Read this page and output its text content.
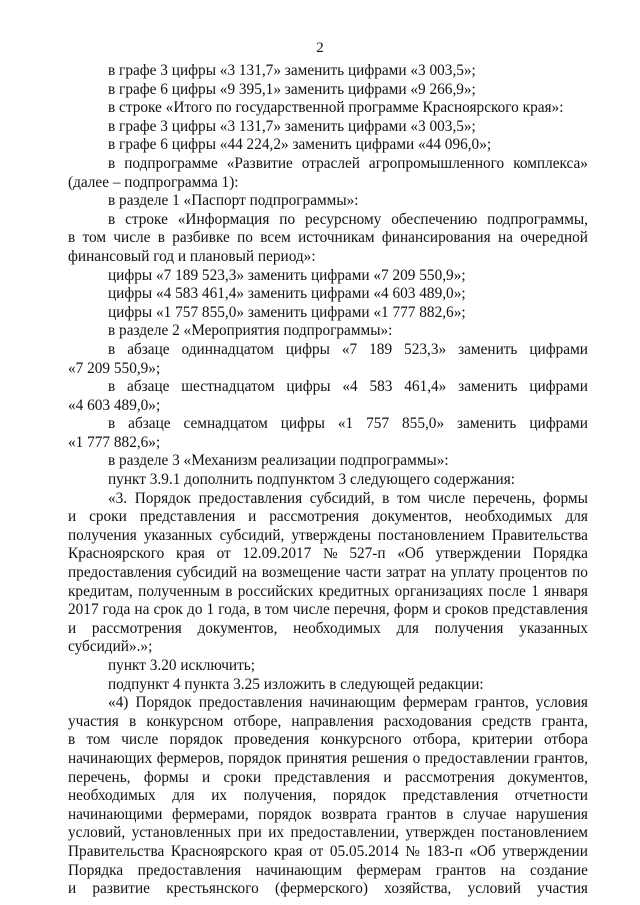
2
в графе 3 цифры «3 131,7» заменить цифрами «3 003,5»;
в графе 6 цифры «9 395,1» заменить цифрами «9 266,9»;
в строке «Итого по государственной программе Красноярского края»:
в графе 3 цифры «3 131,7» заменить цифрами «3 003,5»;
в графе 6 цифры «44 224,2» заменить цифрами «44 096,0»;
в подпрограмме «Развитие отраслей агропромышленного комплекса»
(далее – подпрограмма 1):
в разделе 1 «Паспорт подпрограммы»:
в строке «Информация по ресурсному обеспечению подпрограммы,
в том числе в разбивке по всем источникам финансирования на очередной
финансовый год и плановый период»:
цифры «7 189 523,3» заменить цифрами «7 209 550,9»;
цифры «4 583 461,4» заменить цифрами «4 603 489,0»;
цифры «1 757 855,0» заменить цифрами «1 777 882,6»;
в разделе 2 «Мероприятия подпрограммы»:
в абзаце одиннадцатом цифры «7 189 523,3» заменить цифрами
«7 209 550,9»;
в абзаце шестнадцатом цифры «4 583 461,4» заменить цифрами
«4 603 489,0»;
в абзаце семнадцатом цифры «1 757 855,0» заменить цифрами
«1 777 882,6»;
в разделе 3 «Механизм реализации подпрограммы»:
пункт 3.9.1 дополнить подпунктом 3 следующего содержания:
«3. Порядок предоставления субсидий, в том числе перечень, формы
и сроки представления и рассмотрения документов, необходимых для
получения указанных субсидий, утверждены постановлением Правительства
Красноярского края от 12.09.2017 № 527-п «Об утверждении Порядка
предоставления субсидий на возмещение части затрат на уплату процентов по
кредитам, полученным в российских кредитных организациях после 1 января
2017 года на срок до 1 года, в том числе перечня, форм и сроков представления
и рассмотрения документов, необходимых для получения указанных
субсидий».»;
пункт 3.20 исключить;
подпункт 4 пункта 3.25 изложить в следующей редакции:
«4) Порядок предоставления начинающим фермерам грантов, условия
участия в конкурсном отборе, направления расходования средств гранта,
в том числе порядок проведения конкурсного отбора, критерии отбора
начинающих фермеров, порядок принятия решения о предоставлении грантов,
перечень, формы и сроки представления и рассмотрения документов,
необходимых для их получения, порядок представления отчетности
начинающими фермерами, порядок возврата грантов в случае нарушения
условий, установленных при их предоставлении, утвержден постановлением
Правительства Красноярского края от 05.05.2014 № 183-п «Об утверждении
Порядка предоставления начинающим фермерам грантов на создание
и развитие крестьянского (фермерского) хозяйства, условий участия
